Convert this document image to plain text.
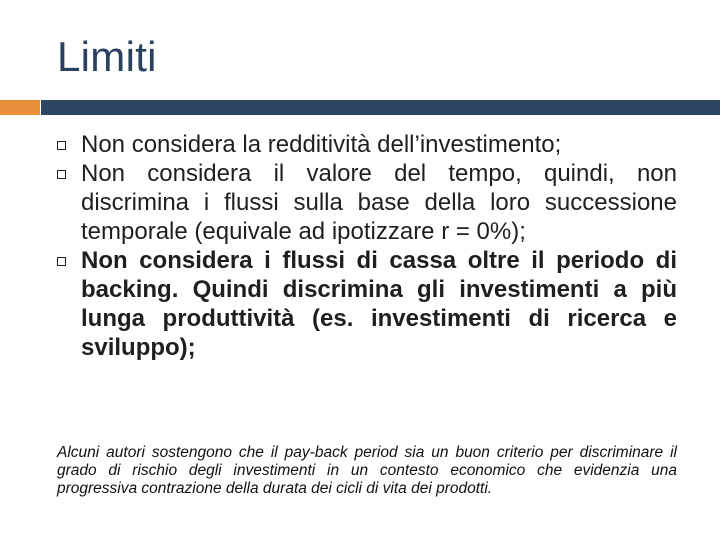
Limiti
Non considera la redditività dell’investimento;
Non considera il valore del tempo, quindi, non discrimina i flussi sulla base della loro successione temporale (equivale ad ipotizzare r = 0%);
Non considera i flussi di cassa oltre il periodo di backing. Quindi discrimina gli investimenti a più lunga produttività (es. investimenti di ricerca e sviluppo);
Alcuni autori sostengono che il pay-back period sia un buon criterio per discriminare il grado di rischio degli investimenti in un contesto economico che evidenzia una progressiva contrazione della durata dei cicli di vita dei prodotti.
